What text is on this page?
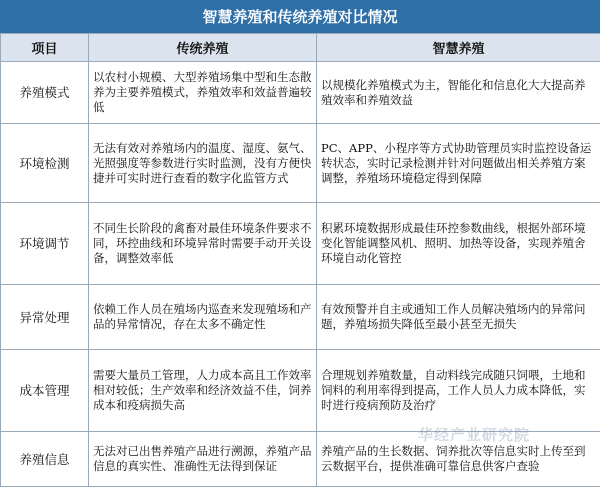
智慧养殖和传统养殖对比情况
项目	传统养殖	智慧养殖
养殖模式	以农村小规模、大型养殖场集中型和生态散养为主要养殖模式，养殖效率和效益普遍较低	以规模化养殖模式为主，智能化和信息化大大提高养殖效率和养殖效益
环境检测	无法有效对养殖场内的温度、湿度、氨气、光照强度等参数进行实时监测，没有方便快捷并可实时进行查看的数字化监管方式	PC、APP、小程序等方式协助管理员实时监控设备运转状态，实时记录检测并针对问题做出相关养殖方案调整，养殖场环境稳定得到保障
环境调节	不同生长阶段的禽畜对最佳环境条件要求不同，环控曲线和环境异常时需要手动开关设备，调整效率低	积累环境数据形成最佳环控参数曲线，根据外部环境变化智能调整风机、照明、加热等设备，实现养殖舍环境自动化管控
异常处理	依赖工作人员在殖场内巡查来发现殖场和产品的异常情况，存在太多不确定性	有效预警并自主或通知工作人员解决殖场内的异常问题，养殖场损失降低至最小甚至无损失
成本管理	需要大量员工管理，人力成本高且工作效率相对较低；生产效率和经济效益不佳，饲养成本和疫病损失高	合理规划养殖数量，自动料线完成随只饲喂，土地和饲料的利用率得到提高，工作人员人力成本降低，实时进行疫病预防及治疗
养殖信息	无法对已出售养殖产品进行溯源，养殖产品信息的真实性、准确性无法得到保证	养殖产品的生长数据、饲养批次等信息实时上传至到云数据平台，提供准确可靠信息供客户查验
华经产业研究院
